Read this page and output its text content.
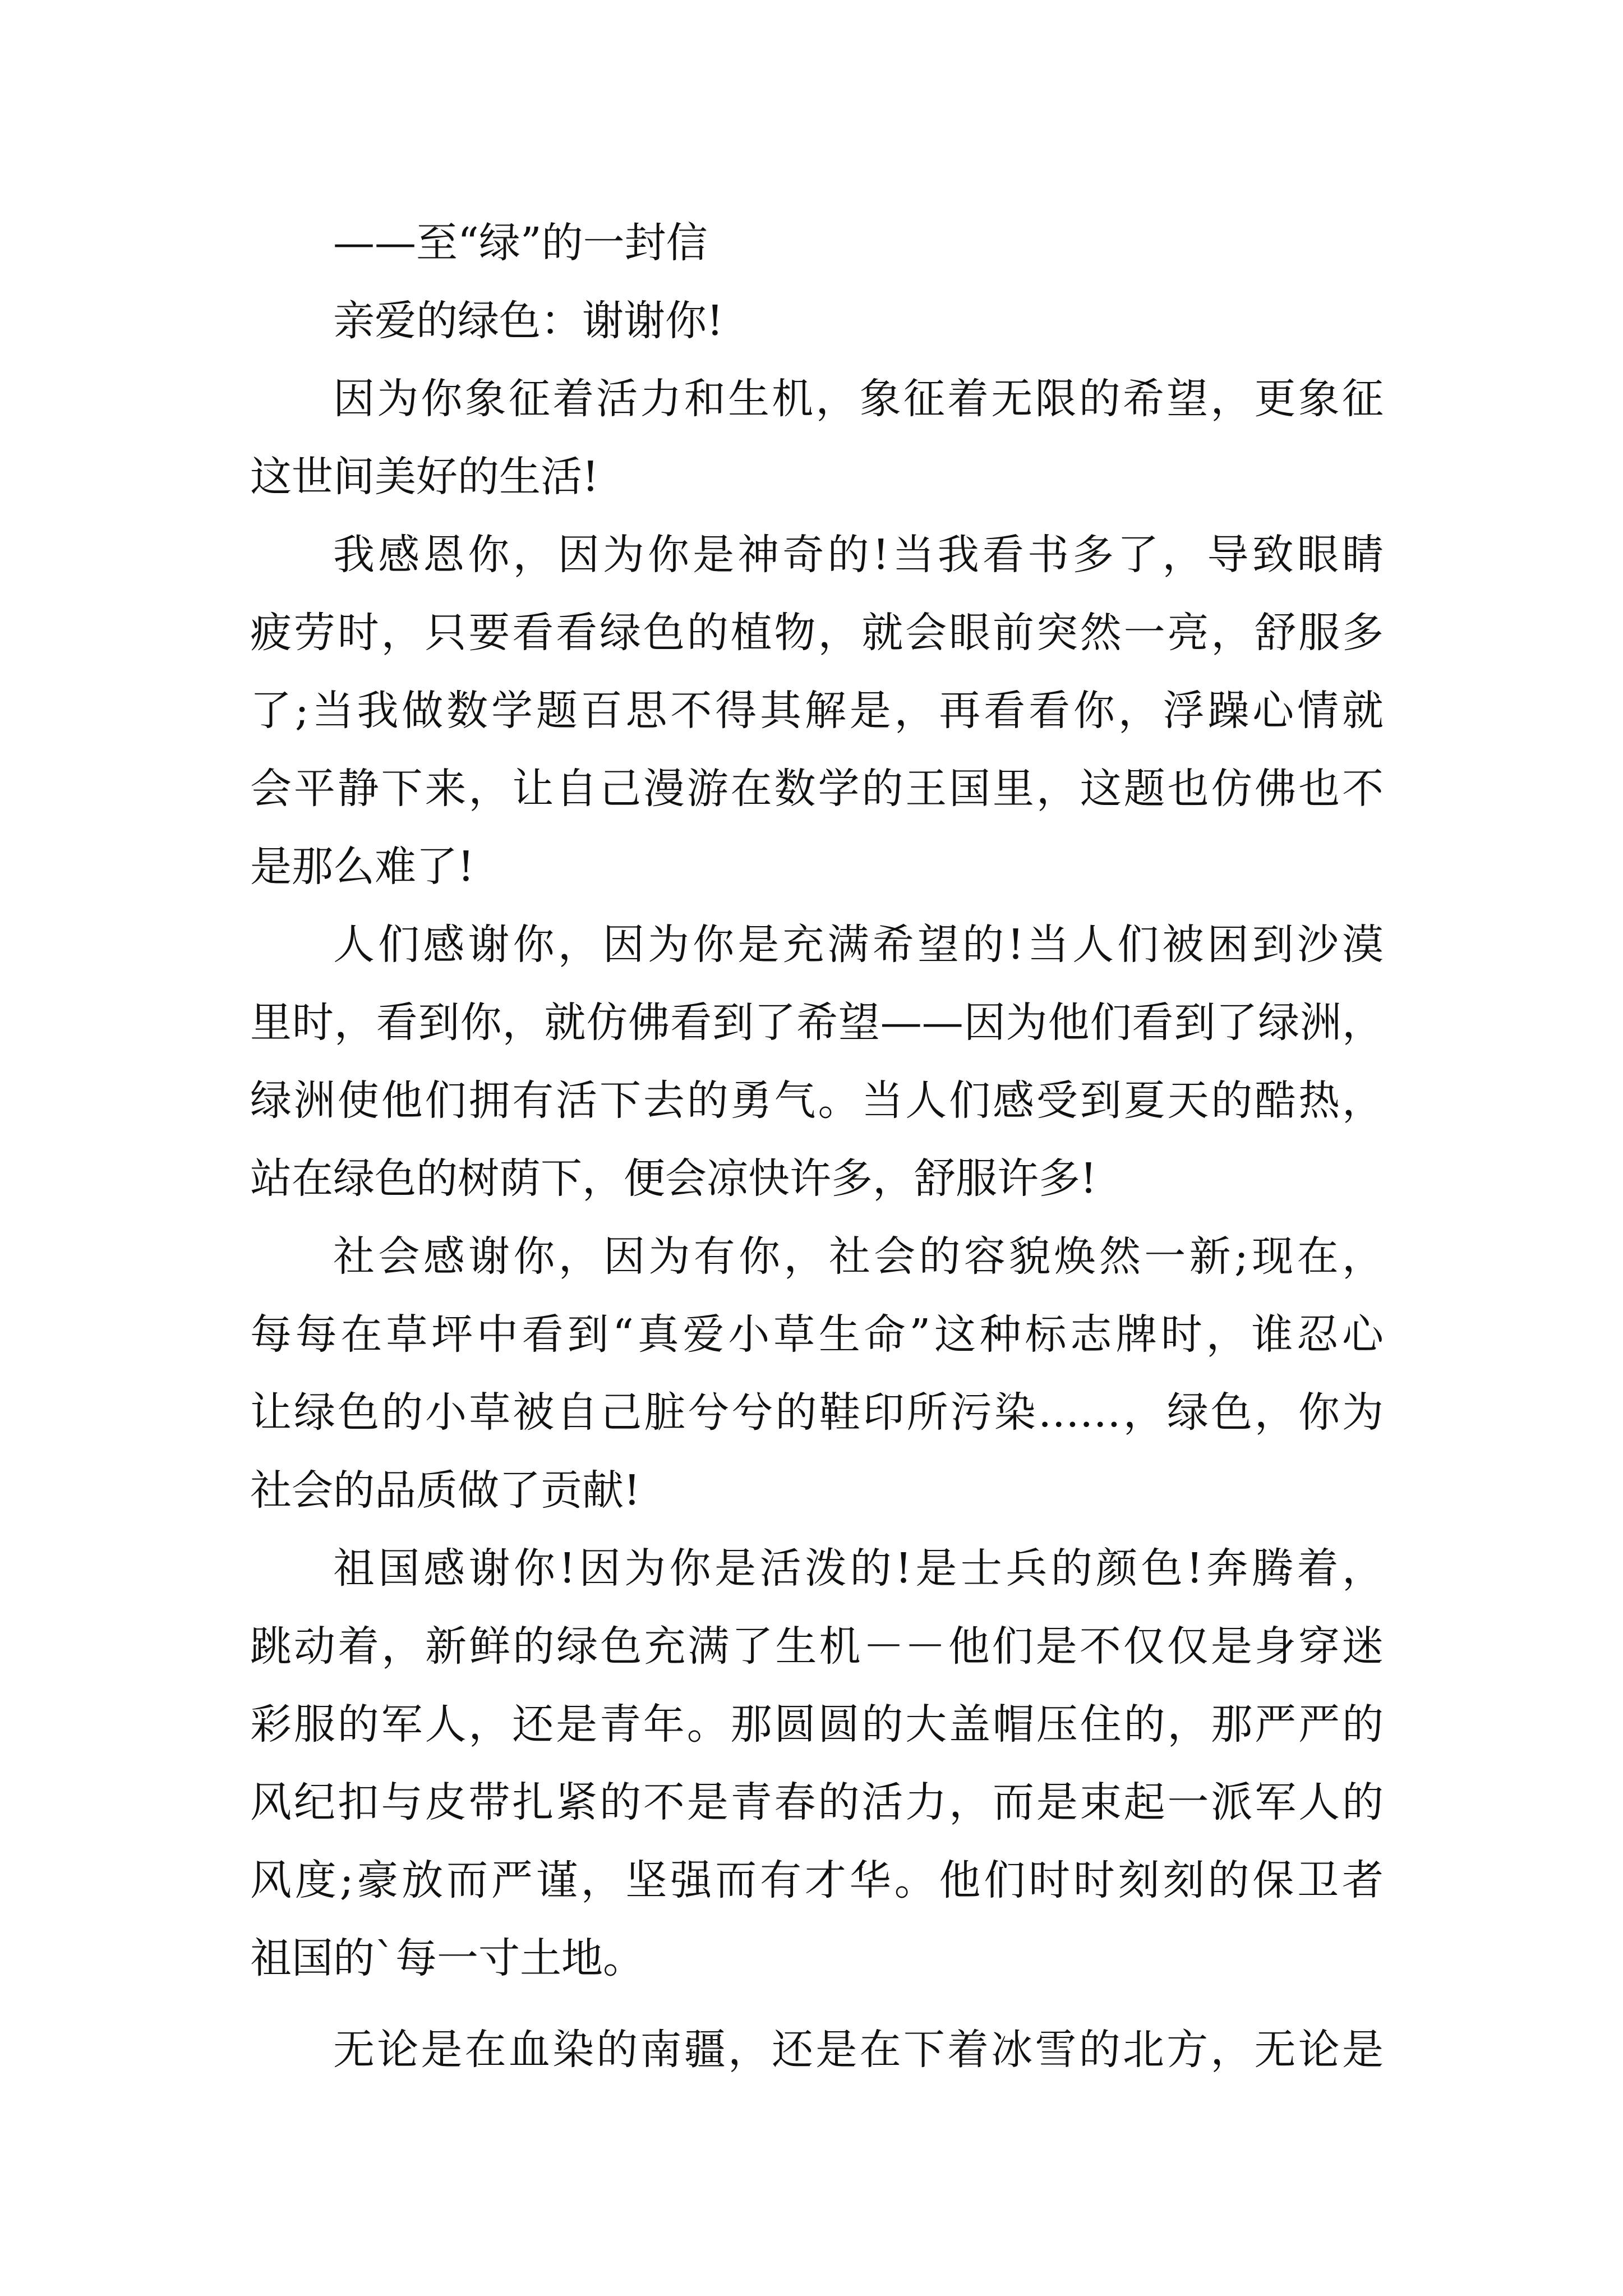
——至“绿”的一封信
亲爱的绿色：谢谢你!
因为你象征着活力和生机，象征着无限的希望，更象征
这世间美好的生活!
我感恩你，因为你是神奇的!当我看书多了，导致眼睛
疲劳时，只要看看绿色的植物，就会眼前突然一亮，舒服多
了;当我做数学题百思不得其解是，再看看你，浮躁心情就
会平静下来，让自己漫游在数学的王国里，这题也仿佛也不
是那么难了!
人们感谢你，因为你是充满希望的!当人们被困到沙漠
里时，看到你，就仿佛看到了希望——因为他们看到了绿洲，
绿洲使他们拥有活下去的勇气。当人们感受到夏天的酷热，
站在绿色的树荫下，便会凉快许多，舒服许多!
社会感谢你，因为有你，社会的容貌焕然一新;现在，
每每在草坪中看到“真爱小草生命”这种标志牌时，谁忍心
让绿色的小草被自己脏兮兮的鞋印所污染……，绿色，你为
社会的品质做了贡献!
祖国感谢你!因为你是活泼的!是士兵的颜色!奔腾着，
跳动着，新鲜的绿色充满了生机－－他们是不仅仅是身穿迷
彩服的军人，还是青年。那圆圆的大盖帽压住的，那严严的
风纪扣与皮带扎紧的不是青春的活力，而是束起一派军人的
风度;豪放而严谨，坚强而有才华。他们时时刻刻的保卫者
祖国的`每一寸土地。
无论是在血染的南疆，还是在下着冰雪的北方，无论是
